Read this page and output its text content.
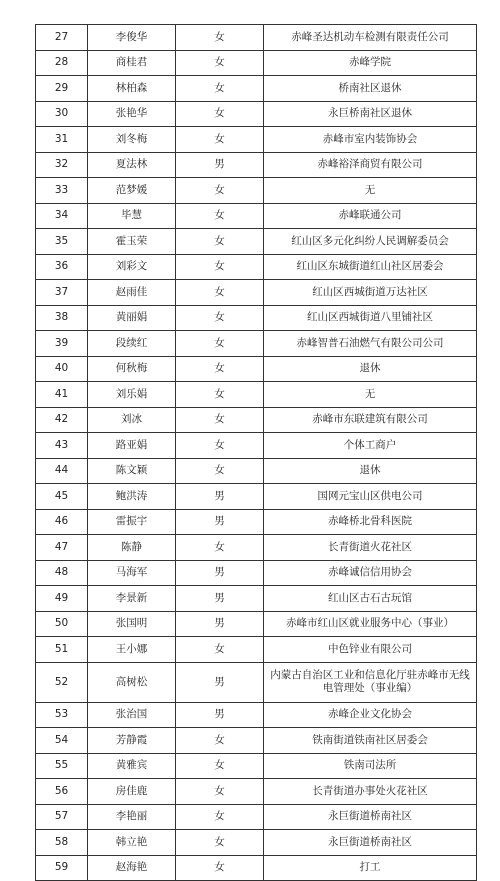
27	李俊华	女	赤峰圣达机动车检测有限责任公司
28	商桂君	女	赤峰学院
29	林柏森	女	桥南社区退休
30	张艳华	女	永巨桥南社区退休
31	刘冬梅	女	赤峰市室内装饰协会
32	夏法林	男	赤峰裕泽商贸有限公司
33	范梦媛	女	无
34	毕慧	女	赤峰联通公司
35	霍玉荣	女	红山区多元化纠纷人民调解委员会
36	刘彩文	女	红山区东城街道红山社区居委会
37	赵雨佳	女	红山区西城街道万达社区
38	黄丽娟	女	红山区西城街道八里铺社区
39	段续红	女	赤峰智普石油燃气有限公司公司
40	何秋梅	女	退休
41	刘乐娟	女	无
42	刘冰	女	赤峰市东联建筑有限公司
43	路亚娟	女	个体工商户
44	陈文颖	女	退休
45	鲍洪涛	男	国网元宝山区供电公司
46	雷振宇	男	赤峰桥北骨科医院
47	陈静	女	长青街道火花社区
48	马海军	男	赤峰诚信信用协会
49	李景新	男	红山区古石古玩馆
50	张国明	男	赤峰市红山区就业服务中心（事业）
51	王小娜	女	中色锌业有限公司
52	高树松	男	内蒙古自治区工业和信息化厅驻赤峰市无线电管理处（事业编）
53	张治国	男	赤峰企业文化协会
54	芳静霞	女	铁南街道铁南社区居委会
55	黄雅宾	女	铁南司法所
56	房佳鹿	女	长青街道办事处火花社区
57	李艳丽	女	永巨街道桥南社区
58	韩立艳	女	永巨街道桥南社区
59	赵海艳	女	打工
